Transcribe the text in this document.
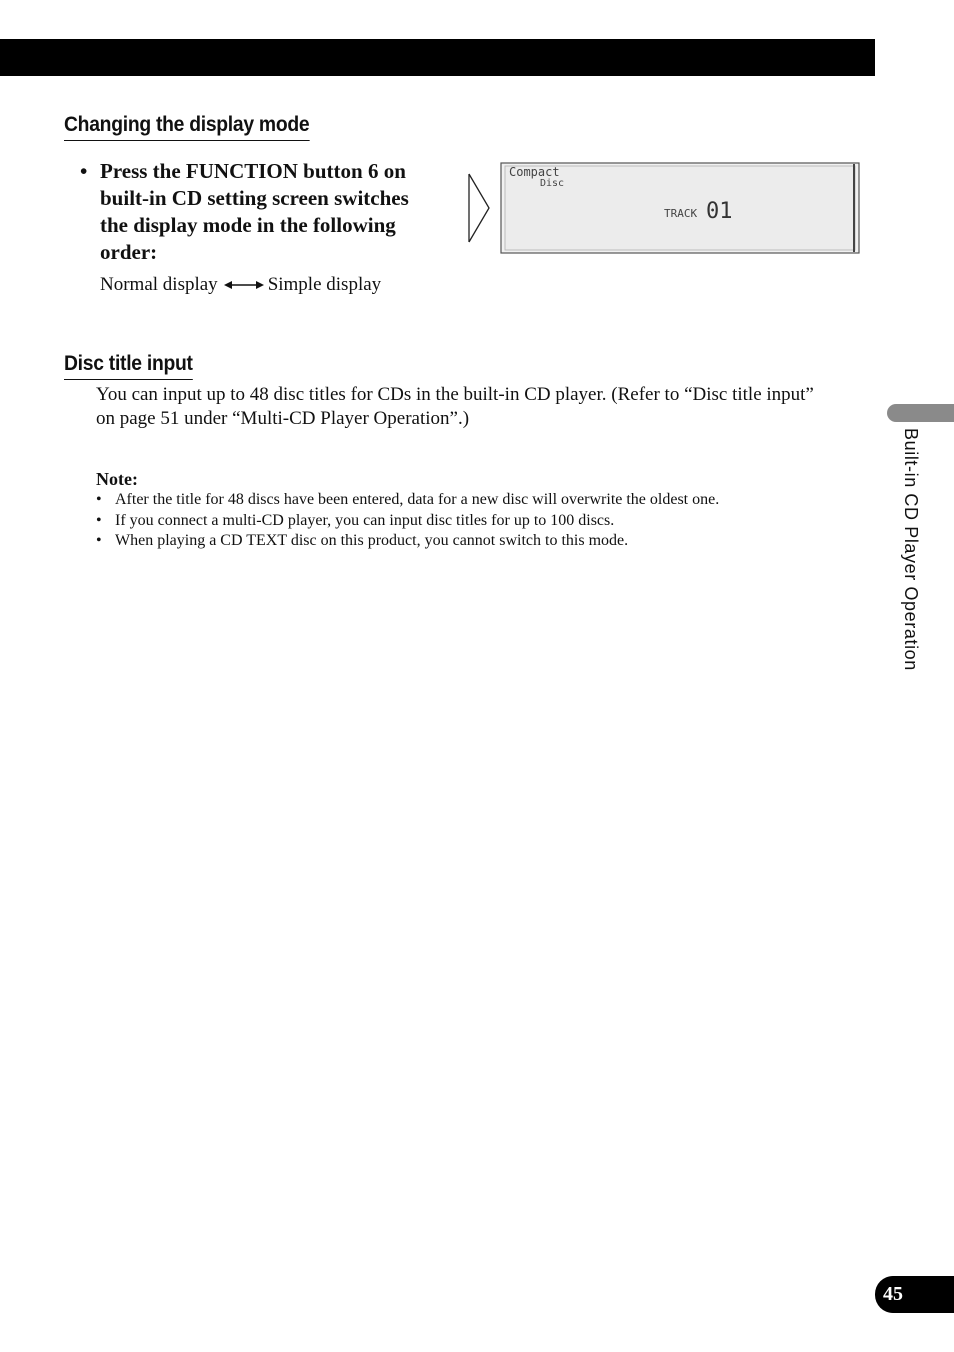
Changing the display mode
• Press the FUNCTION button 6 on built-in CD setting screen switches the display mode in the following order:
Normal display	Simple display
Compact
Disc
TRACK 01
Disc title input

You can input up to 48 disc titles for CDs in the built-in CD player. (Refer to “Disc title input” on page 51 under “Multi-CD Player Operation”.)

Note:
• After the title for 48 discs have been entered, data for a new disc will overwrite the oldest one.
• If you connect a multi-CD player, you can input disc titles for up to 100 discs.
• When playing a CD TEXT disc on this product, you cannot switch to this mode.	Built-in CD Player Operation
45
